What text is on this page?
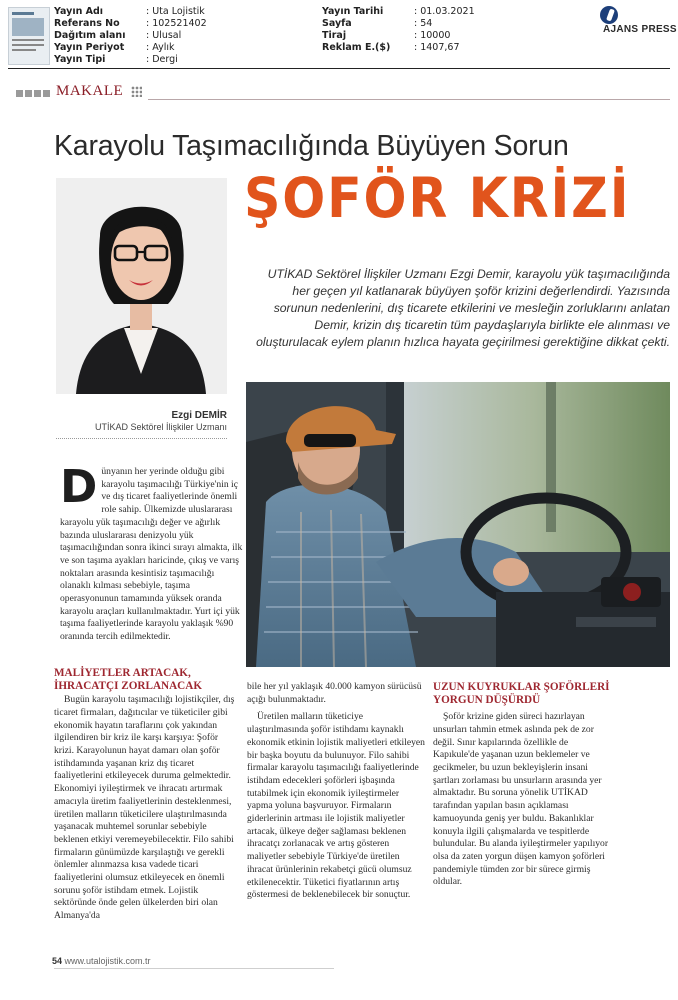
Yayın Adı	: Uta Lojistik
Referans No	: 102521402
Dağıtım alanı : Ulusal
Yayın Periyot : Aylık
Yayın Tipi	: Dergi
Yayın Tarihi	: 01.03.2021
Sayfa	: 54
Tiraj	: 10000
Reklam E.($) : 1407,67
AJANS PRESS
MAKALE
Karayolu Taşımacılığında Büyüyen Sorun
ŞOFÖR KRİZİ
Ezgi DEMİR
UTİKAD Sektörel İlişkiler Uzmanı
UTİKAD Sektörel İlişkiler Uzmanı Ezgi Demir, karayolu yük taşımacılığında her geçen yıl katlanarak büyüyen şoför krizini değerlendirdi. Yazısında sorunun nedenlerini, dış ticarete etkilerini ve mesleğin zorluklarını anlatan Demir, krizin dış ticaretin tüm paydaşlarıyla birlikte ele alınması ve oluşturulacak eylem planın hızlıca hayata geçirilmesi gerektiğine dikkat çekti.
D ünyanın her yerinde olduğu gibi karayolu taşımacılığı Türkiye'nin iç ve dış ticaret faaliyetlerinde önemli role sahip. Ülkemizde uluslararası karayolu yük taşımacılığı değer ve ağırlık bazında uluslararası denizyolu yük taşımacılığından sonra ikinci sırayı almakta, ilk ve son taşıma ayakları haricinde, çıkış ve varış noktaları arasında kesintisiz taşımacılığı olanaklı kılması sebebiyle, taşıma operasyonunun tamamında yüksek oranda karayolu araçları kullanılmaktadır. Yurt içi yük taşıma faaliyetlerinde karayolu yaklaşık %90 oranında tercih edilmektedir.
MALİYETLER ARTACAK, İHRACATÇI ZORLANACAK

Bugün karayolu taşımacılığı lojistikçiler, dış ticaret firmaları, dağıtıcılar ve tüketiciler gibi ekonomik hayatın taraflarını çok yakından ilgilendiren bir kriz ile karşı karşıya: Şoför krizi. Karayolunun hayat damarı olan şoför istihdamında yaşanan kriz dış ticaret faaliyetlerini etkileyecek duruma gelmektedir. Ekonomiyi iyileştirmek ve ihracatı artırmak amacıyla üretim faaliyetlerinin desteklenmesi, üretilen malların tüketicilere ulaştırılmasında yaşanacak muhtemel sorunlar sebebiyle beklenen etkiyi veremeyebilecektir. Filo sahibi firmaların günümüzde karşılaştığı ve gerekli önlemler alınmazsa kısa vadede ticari faaliyetlerini olumsuz etkileyecek en önemli sorunu şoför istihdam etmek. Lojistik sektöründe önde gelen ülkelerden biri olan Almanya'da

bile her yıl yaklaşık 40.000 kamyon sürücüsü açığı bulunmaktadır.

Üretilen malların tüketiciye ulaştırılmasında şoför istihdamı kaynaklı ekonomik etkinin lojistik maliyetleri etkileyen bir başka boyutu da bulunuyor. Filo sahibi firmalar karayolu taşımacılığı faaliyetlerinde istihdam edecekleri şoförleri işbaşında tutabilmek için ekonomik iyileştirmeler yapma yoluna başvuruyor. Firmaların giderlerinin artması ile lojistik maliyetler artacak, ülkeye değer sağlaması beklenen ihracatçı zorlanacak ve artış gösteren maliyetler sebebiyle Türkiye'de üretilen ihracat ürünlerinin rekabetçi gücü olumsuz etkilenecektir. Tüketici fiyatlarının artış göstermesi de beklenebilecek bir sonuçtur.

UZUN KUYRUKLAR ŞOFÖRLERİ YORGUN DÜŞÜRDÜ

Şoför krizine giden süreci hazırlayan unsurları tahmin etmek aslında pek de zor değil. Sınır kapılarında özellikle de Kapıkule'de yaşanan uzun beklemeler ve gecikmeler, bu uzun bekleyişlerin insani şartları zorlaması bu unsurların arasında yer almaktadır. Bu soruna yönelik UTİKAD tarafından yapılan basın açıklaması kamuoyunda geniş yer buldu. Bakanlıklar konuyla ilgili çalışmalarda ve tespitlerde bulundular. Bu alanda iyileştirmeler yapılıyor olsa da zaten yorgun düşen kamyon şoförleri pandemiyle tümden zor bir sürece girmiş oldular.

54 www.utalojistik.com.tr
